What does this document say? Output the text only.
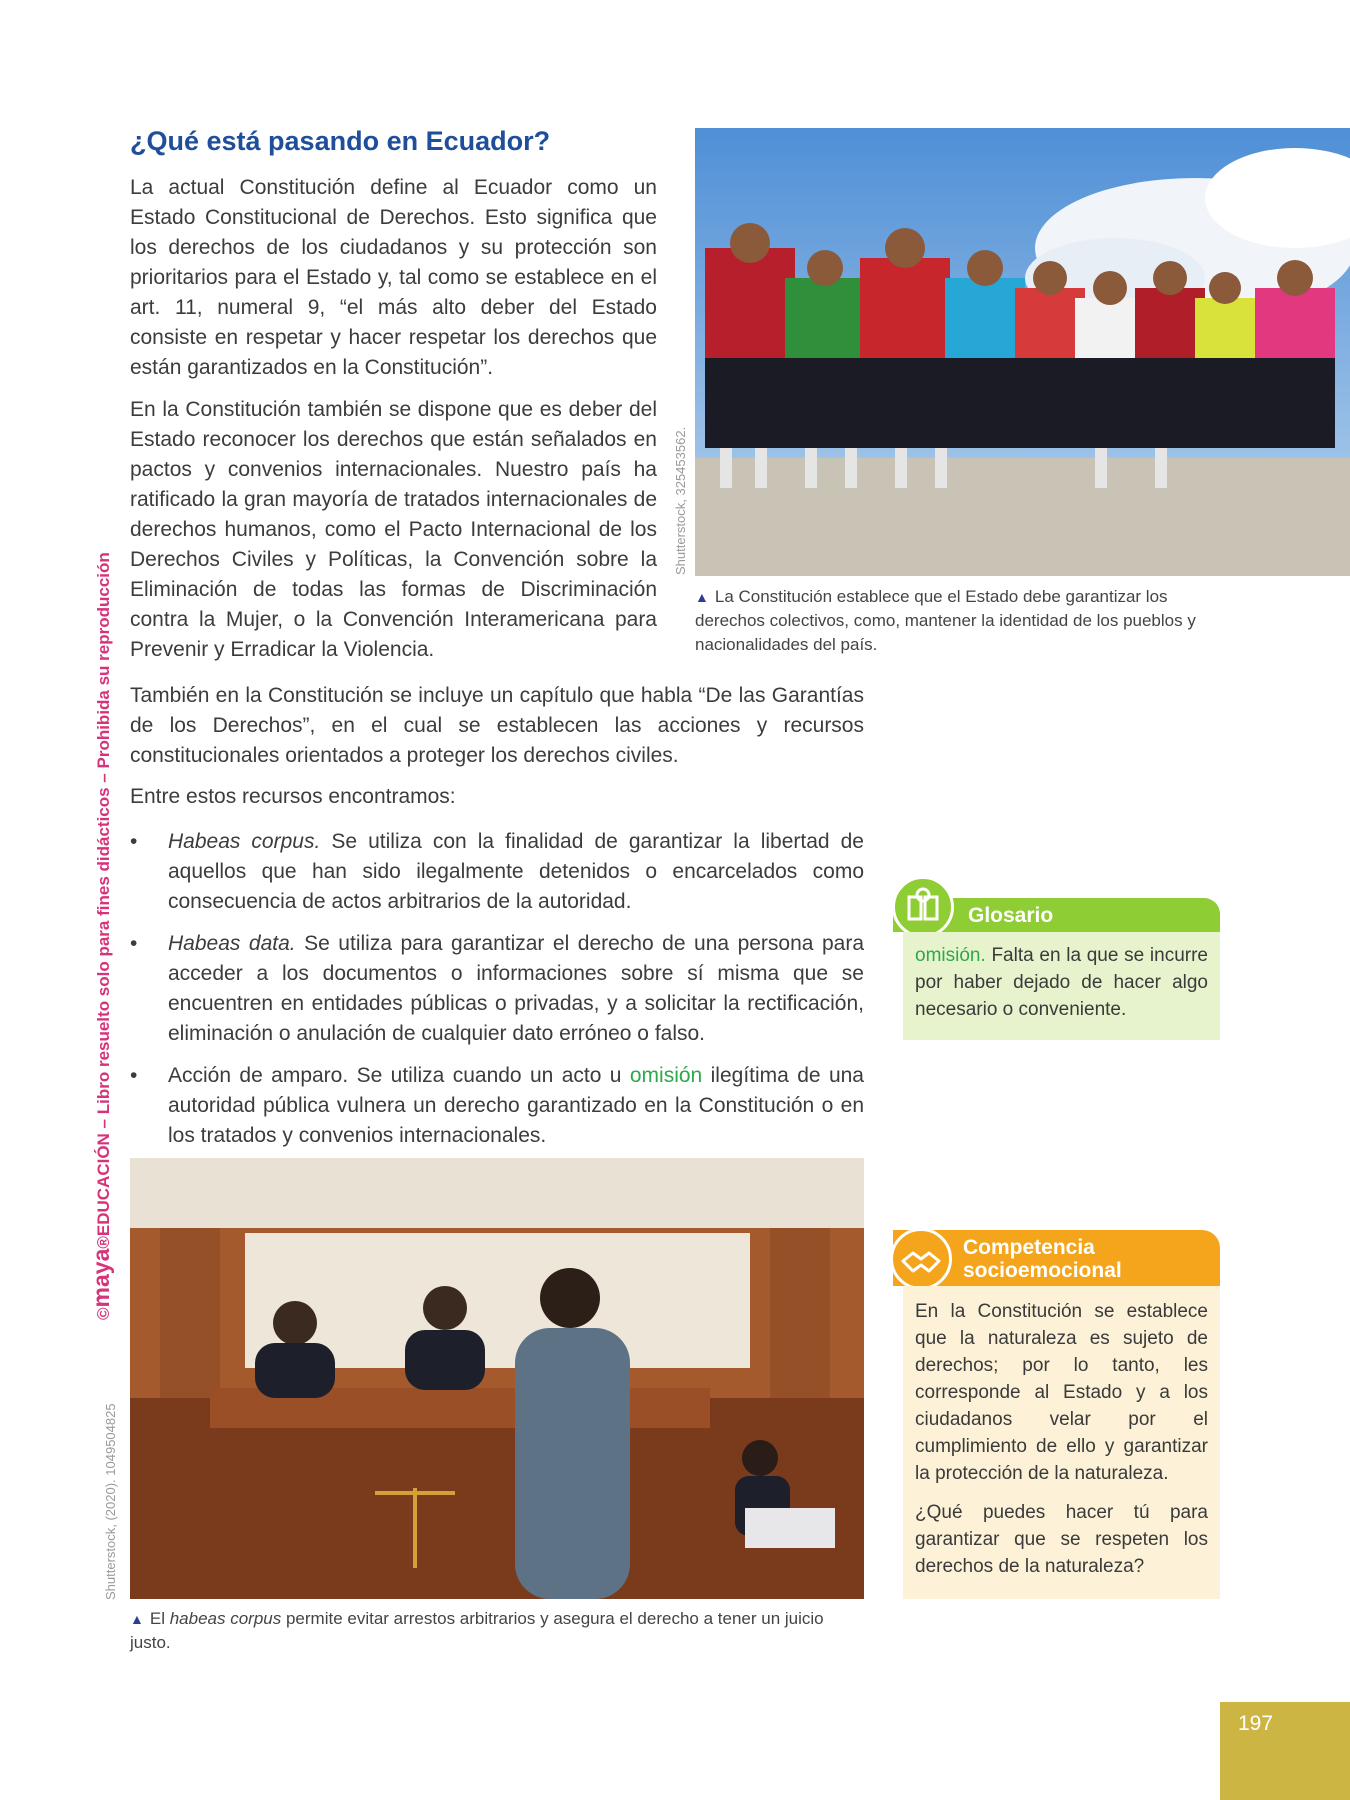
©maya®EDUCACIÓN – Libro resuelto solo para fines didácticos – Prohibida su reproducción
¿Qué está pasando en Ecuador?

La actual Constitución define al Ecuador como un Estado Constitucional de Derechos. Esto significa que los derechos de los ciudadanos y su protección son prioritarios para el Estado y, tal como se establece en el art. 11, numeral 9, “el más alto deber del Estado consiste en respetar y hacer respetar los derechos que están garantizados en la Constitución”.

En la Constitución también se dispone que es deber del Estado reconocer los derechos que están señalados en pactos y convenios internacionales. Nuestro país ha ratificado la gran mayoría de tratados internacionales de derechos humanos, como el Pacto Internacional de los Derechos Civiles y Políticas, la Convención sobre la Eliminación de todas las formas de Discriminación contra la Mujer, o la Convención Interamericana para Prevenir y Erradicar la Violencia.

Shutterstock, 325453562.

▲ La Constitución establece que el Estado debe garantizar los derechos colectivos, como, mantener la identidad de los pueblos y nacionalidades del país.

También en la Constitución se incluye un capítulo que habla “De las Garantías de los Derechos”, en el cual se establecen las acciones y recursos constitucionales orientados a proteger los derechos civiles.

Entre estos recursos encontramos:

•	Habeas corpus. Se utiliza con la finalidad de garantizar la libertad de aquellos que han sido ilegalmente detenidos o encarcelados como consecuencia de actos arbitrarios de la autoridad.
•	Habeas data. Se utiliza para garantizar el derecho de una persona para acceder a los documentos o informaciones sobre sí misma que se encuentren en entidades públicas o privadas, y a solicitar la rectificación, eliminación o anulación de cualquier dato erróneo o falso.
•	Acción de amparo. Se utiliza cuando un acto u omisión ilegítima de una autoridad pública vulnera un derecho garantizado en la Constitución o en los tratados y convenios internacionales.
Shutterstock, (2020). 1049504825

▲ El habeas corpus permite evitar arrestos arbitrarios y asegura el derecho a tener un juicio justo.

Glosario

omisión. Falta en la que se incurre por haber dejado de hacer algo necesario o conveniente.

Competencia
socioemocional

En la Constitución se establece que la naturaleza es sujeto de derechos; por lo tanto, les corresponde al Estado y a los ciudadanos velar por el cumplimiento de ello y garantizar la protección de la naturaleza.

¿Qué puedes hacer tú para garantizar que se respeten los derechos de la naturaleza?

197
